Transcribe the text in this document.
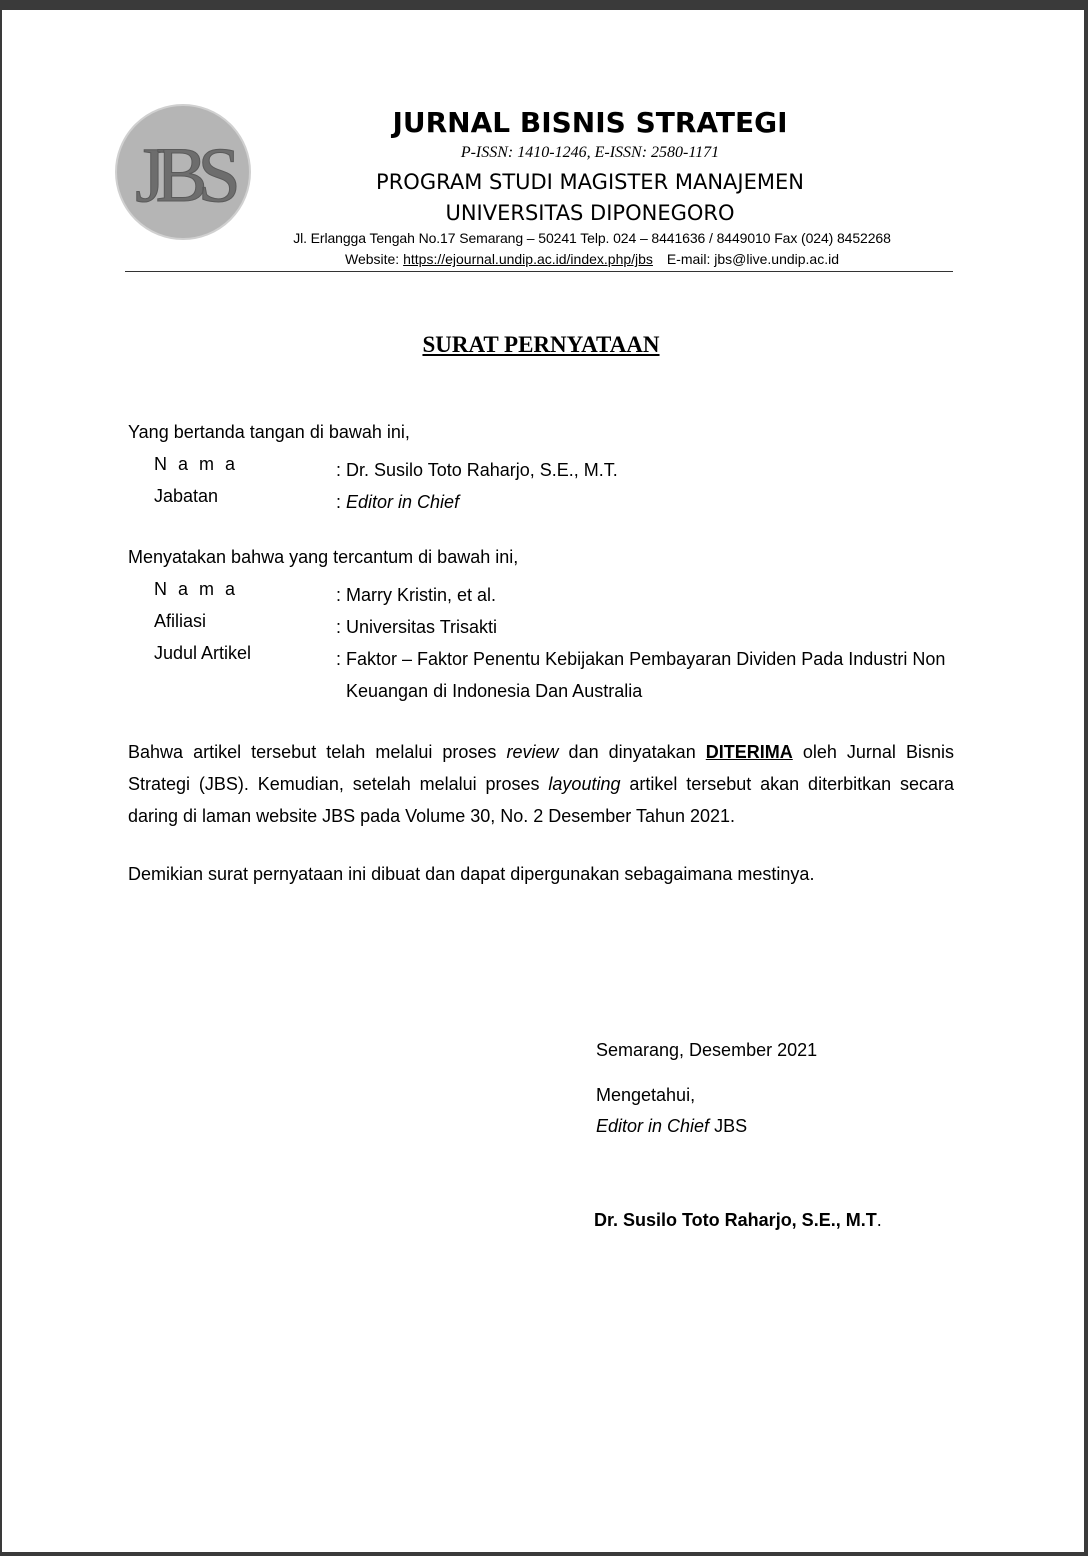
JBS
JURNAL BISNIS STRATEGI
P-ISSN: 1410-1246, E-ISSN: 2580-1171
PROGRAM STUDI MAGISTER MANAJEMEN
UNIVERSITAS DIPONEGORO
Jl. Erlangga Tengah No.17 Semarang – 50241 Telp. 024 – 8441636 / 8449010 Fax (024) 8452268
Website: https://ejournal.undip.ac.id/index.php/jbs E-mail: jbs@live.undip.ac.id
SURAT PERNYATAAN
Yang bertanda tangan di bawah ini,
N a m a	: Dr. Susilo Toto Raharjo, S.E., M.T.
Jabatan	: Editor in Chief
Menyatakan bahwa yang tercantum di bawah ini,
N a m a	: Marry Kristin, et al.
Afiliasi	: Universitas Trisakti
Judul Artikel	: Faktor – Faktor Penentu Kebijakan Pembayaran Dividen Pada Industri Non Keuangan di Indonesia Dan Australia
Bahwa artikel tersebut telah melalui proses review dan dinyatakan DITERIMA oleh Jurnal Bisnis Strategi (JBS). Kemudian, setelah melalui proses layouting artikel tersebut akan diterbitkan secara daring di laman website JBS pada Volume 30, No. 2 Desember Tahun 2021.
Demikian surat pernyataan ini dibuat dan dapat dipergunakan sebagaimana mestinya.
Semarang, Desember 2021
Mengetahui,
Editor in Chief JBS
Dr. Susilo Toto Raharjo, S.E., M.T.
